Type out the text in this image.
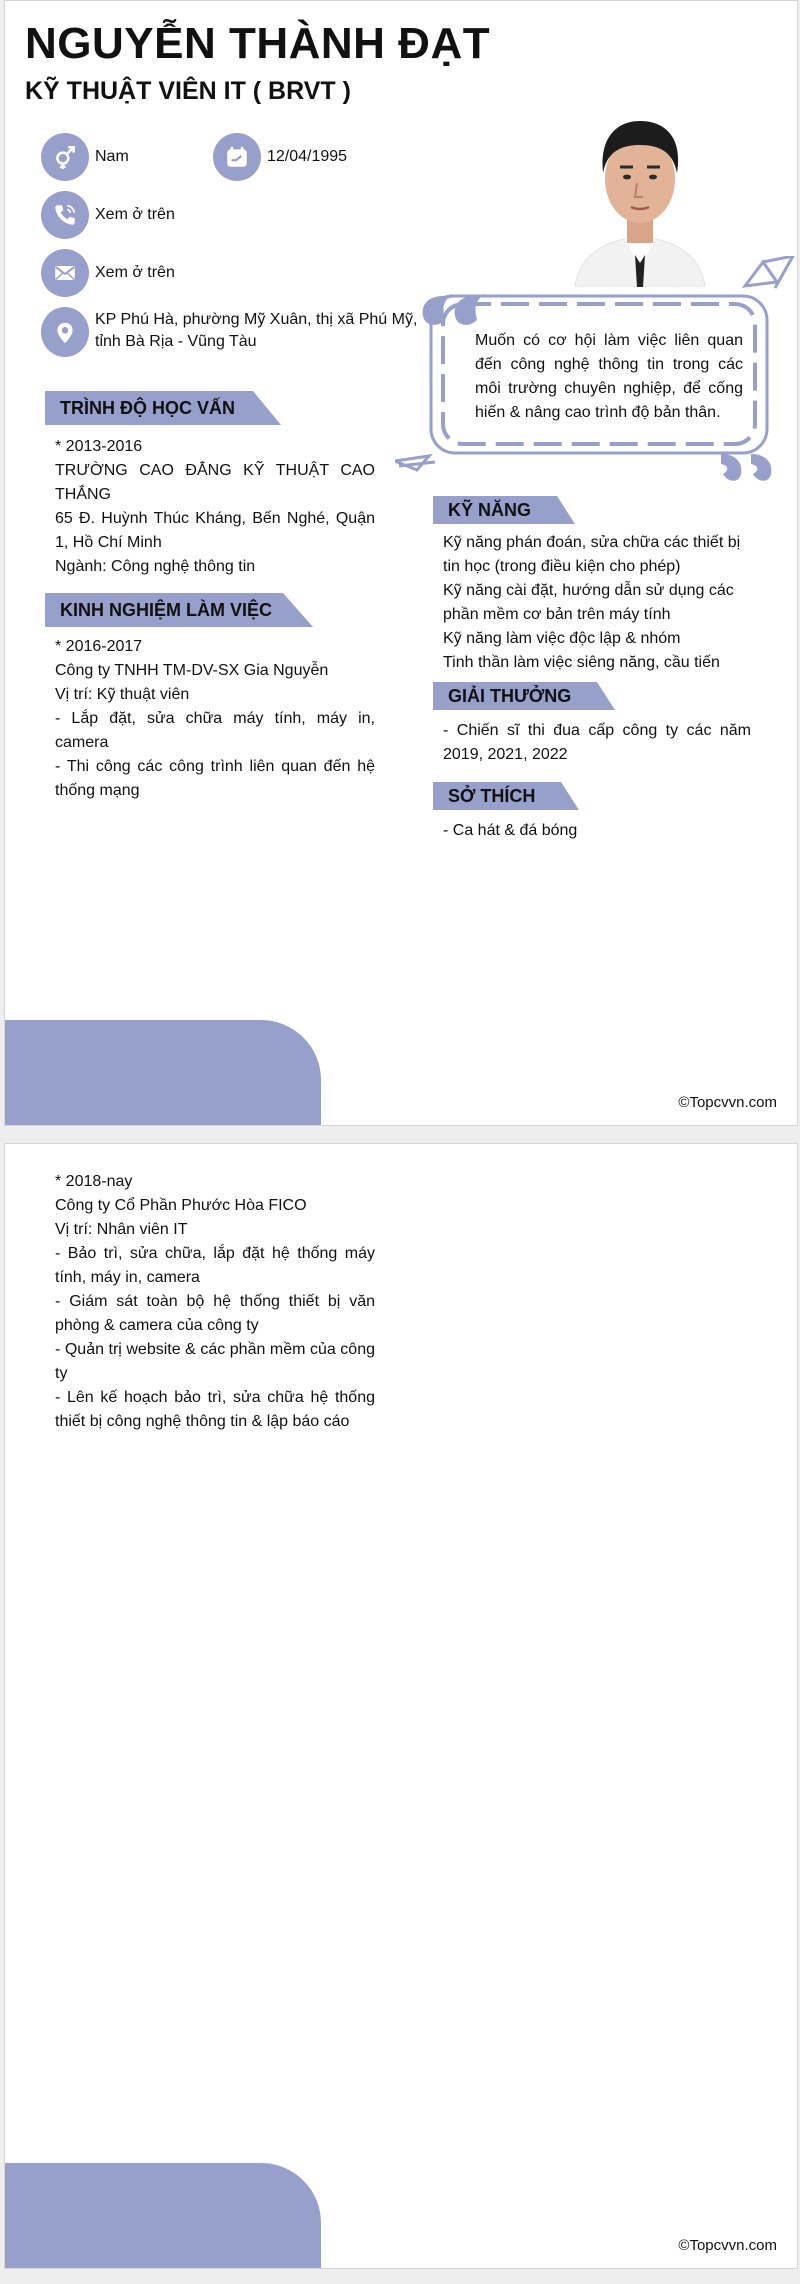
NGUYỄN THÀNH ĐẠT
KỸ THUẬT VIÊN IT ( BRVT )
Nam	12/04/1995
Xem ở trên
Xem ở trên
KP Phú Hà, phường Mỹ Xuân, thị xã Phú Mỹ, tỉnh Bà Rịa - Vũng Tàu	Muốn có cơ hội làm việc liên quan đến công nghệ thông tin trong các môi trường chuyên nghiệp, để cống hiến & nâng cao trình độ bản thân.

TRÌNH ĐỘ HỌC VẤN

* 2013-2016

TRƯỜNG CAO ĐẲNG KỸ THUẬT CAO THẮNG

65 Đ. Huỳnh Thúc Kháng, Bến Nghé, Quận 1, Hồ Chí Minh

Ngành: Công nghệ thông tin

KINH NGHIỆM LÀM VIỆC

* 2016-2017

Công ty TNHH TM-DV-SX Gia Nguyễn

Vị trí: Kỹ thuật viên

- Lắp đặt, sửa chữa máy tính, máy in, camera

- Thi công các công trình liên quan đến hệ thống mạng

KỸ NĂNG

Kỹ năng phán đoán, sửa chữa các thiết bị tin học (trong điều kiện cho phép)

Kỹ năng cài đặt, hướng dẫn sử dụng các phần mềm cơ bản trên máy tính

Kỹ năng làm việc độc lập & nhóm

Tinh thần làm việc siêng năng, cầu tiến

GIẢI THƯỞNG

- Chiến sĩ thi đua cấp công ty các năm 2019, 2021, 2022

SỞ THÍCH

- Ca hát & đá bóng

©Topcvvn.com

* 2018-nay

Công ty Cổ Phần Phước Hòa FICO

Vị trí: Nhân viên IT

- Bảo trì, sửa chữa, lắp đặt hệ thống máy tính, máy in, camera

- Giám sát toàn bộ hệ thống thiết bị văn phòng & camera của công ty

- Quản trị website & các phần mềm của công ty

- Lên kế hoạch bảo trì, sửa chữa hệ thống thiết bị công nghệ thông tin & lập báo cáo

©Topcvvn.com
